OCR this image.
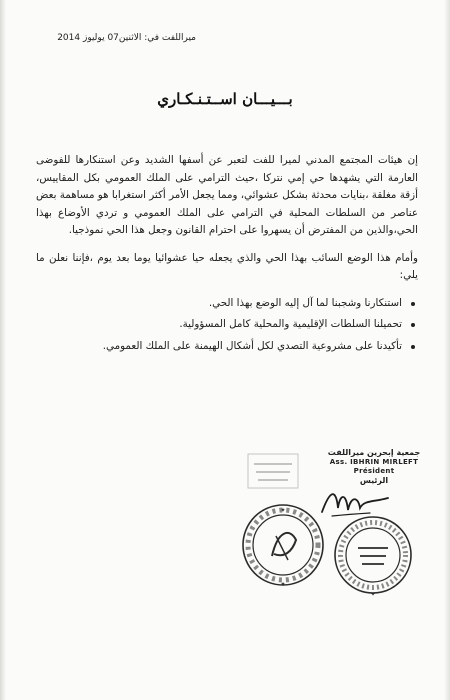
ميراللفت في: الاثنين07 يوليوز 2014
بـــيـــان اســتـنـكـاري

إن هيئات المجتمع المدني لميرا للفت لتعبر عن أسفها الشديد وعن استنكارها للفوضى العارمة التي يشهدها حي إمي نتركا ،حيث الترامي على الملك العمومي بكل المقاييس، أزقة مغلقة ،بنايات محدثة بشكل عشوائي، ومما يجعل الأمر أكثر استغرابا هو مساهمة بعض عناصر من السلطات المحلية في الترامي على الملك العمومي و تردي الأوضاع بهذا الحي،والذين من المفترض أن يسهروا على احترام القانون وجعل هذا الحي نموذجيا.

وأمام هذا الوضع السائب بهذا الحي والذي يجعله حيا عشوائيا يوما بعد يوم ،فإننا نعلن ما يلي:

استنكارنا وشجبنا لما آل إليه الوضع بهذا الحي.
تحميلنا السلطات الإقليمية والمحلية كامل المسؤولية.
تأكيدنا على مشروعية التصدي لكل أشكال الهيمنة على الملك العمومي.
جمعية إبحرين ميراللفت
Ass. IBHRIN MIRLEFT
Président
الرئيس
✦
✦
✦
